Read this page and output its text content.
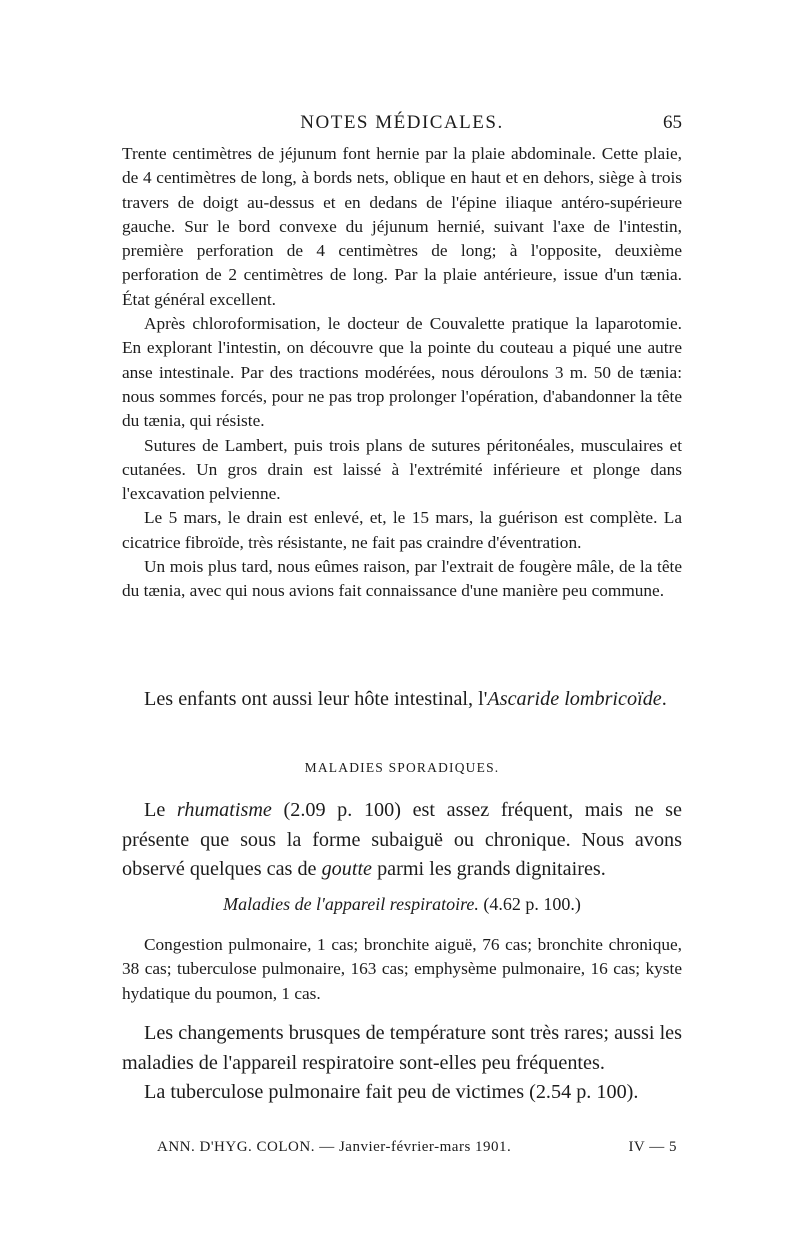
NOTES MÉDICALES.	65

Trente centimètres de jéjunum font hernie par la plaie abdominale. Cette plaie, de 4 centimètres de long, à bords nets, oblique en haut et en dehors, siège à trois travers de doigt au-dessus et en dedans de l'épine iliaque antéro-supérieure gauche. Sur le bord convexe du jéjunum hernié, suivant l'axe de l'intestin, première perforation de 4 centimètres de long; à l'opposite, deuxième perforation de 2 centimètres de long. Par la plaie antérieure, issue d'un tænia. État général excellent.

Après chloroformisation, le docteur de Couvalette pratique la laparotomie. En explorant l'intestin, on découvre que la pointe du couteau a piqué une autre anse intestinale. Par des tractions modérées, nous déroulons 3 m. 50 de tænia: nous sommes forcés, pour ne pas trop prolonger l'opération, d'abandonner la tête du tænia, qui résiste.

Sutures de Lambert, puis trois plans de sutures péritonéales, musculaires et cutanées. Un gros drain est laissé à l'extrémité inférieure et plonge dans l'excavation pelvienne.

Le 5 mars, le drain est enlevé, et, le 15 mars, la guérison est complète. La cicatrice fibroïde, très résistante, ne fait pas craindre d'éventration.

Un mois plus tard, nous eûmes raison, par l'extrait de fougère mâle, de la tête du tænia, avec qui nous avions fait connaissance d'une manière peu commune.

Les enfants ont aussi leur hôte intestinal, l'Ascaride lombricoïde.

MALADIES SPORADIQUES.

Le rhumatisme (2.09 p. 100) est assez fréquent, mais ne se présente que sous la forme subaiguë ou chronique. Nous avons observé quelques cas de goutte parmi les grands dignitaires.

Maladies de l'appareil respiratoire. (4.62 p. 100.)

Congestion pulmonaire, 1 cas; bronchite aiguë, 76 cas; bronchite chronique, 38 cas; tuberculose pulmonaire, 163 cas; emphysème pulmonaire, 16 cas; kyste hydatique du poumon, 1 cas.

Les changements brusques de température sont très rares; aussi les maladies de l'appareil respiratoire sont-elles peu fréquentes.

La tuberculose pulmonaire fait peu de victimes (2.54 p. 100).

ANN. D'HYG. COLON. — Janvier-février-mars 1901.	IV — 5
